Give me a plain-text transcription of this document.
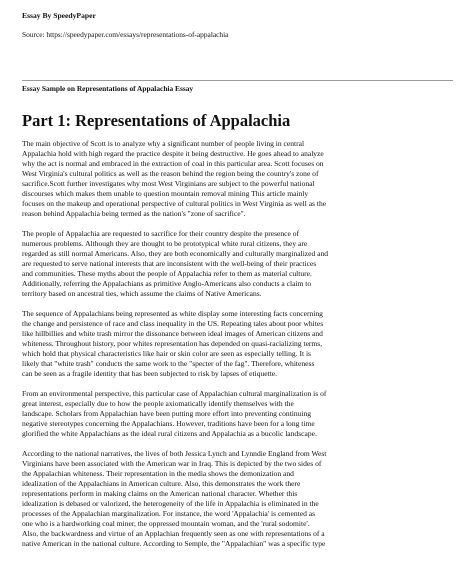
Essay By SpeedyPaper

Source: https://speedypaper.com/essays/representations-of-appalachia

Essay Sample on Representations of Appalachia Essay

Part 1: Representations of Appalachia
The main objective of Scott is to analyze why a significant number of people living in central
Appalachia hold with high regard the practice despite it being destructive. He goes ahead to analyze
why the act is normal and embraced in the extraction of coal in this particular area. Scott focuses on
West Virginia's cultural politics as well as the reason behind the region being the country's zone of
sacrifice.Scott further investigates why most West Virginians are subject to the powerful national
discourses which makes them unable to question mountain removal mining This article mainly
focuses on the makeup and operational perspective of cultural politics in West Virginia as well as the
reason behind Appalachia being termed as the nation's "zone of sacrifice".
The people of Appalachia are requested to sacrifice for their country despite the presence of
numerous problems. Although they are thought to be prototypical white rural citizens, they are
regarded as still normal Americans. Also, they are both economically and culturally marginalized and
are requested to serve national interests that are inconsistent with the well-being of their practices
and communities. These myths about the people of Appalachia refer to them as material culture.
Additionally, referring the Appalachians as primitive Anglo-Americans also conducts a claim to
territory based on ancestral ties, which assume the claims of Native Americans.
The sequence of Appalachians being represented as white display some interesting facts concerning
the change and persistence of race and class inequality in the US. Repeating tales about poor whites
like hillbillies and white trash mirror the dissonance between ideal images of American citizens and
whiteness. Throughout history, poor whites representation has depended on quasi-racializing terms,
which hold that physical characteristics like hair or skin color are seen as especially telling. It is
likely that "white trash" conducts the same work to the "specter of the fag". Therefore, whiteness
can be seen as a fragile identity that has been subjected to risk by lapses of etiquette.
From an environmental perspective, this particular case of Appalachian cultural marginalization is of
great interest, especially due to how the people axiomatically identify themselves with the
landscape. Scholars from Appalachian have been putting more effort into preventing continuing
negative stereotypes concerning the Appalachians. However, traditions have been for a long time
glorified the white Appalachians as the ideal rural citizens and Appalachia as a bucolic landscape.
According to the national narratives, the lives of both Jessica Lynch and Lynndie England from West
Virginians have been associated with the American war in Iraq. This is depicted by the two sides of
the Appalachian whiteness. Their representation in the media shows the demonization and
idealization of the Appalachians in American culture. Also, this demonstrates the work there
representations perform in making claims on the American national character. Whether this
idealization is debased or valorized, the heterogeneity of the life in Appalachia is eliminated in the
processes of the Appalachian marginalization. For instance, the word 'Appalachia' is cemented as
one who is a hardworking coal miner, the oppressed mountain woman, and the 'rural sodomite'.
Also, the backwardness and virtue of an Applachian frequently seen as one with representations of a
native American in the national culture. According to Semple, the "Appalachian" was a specific type
